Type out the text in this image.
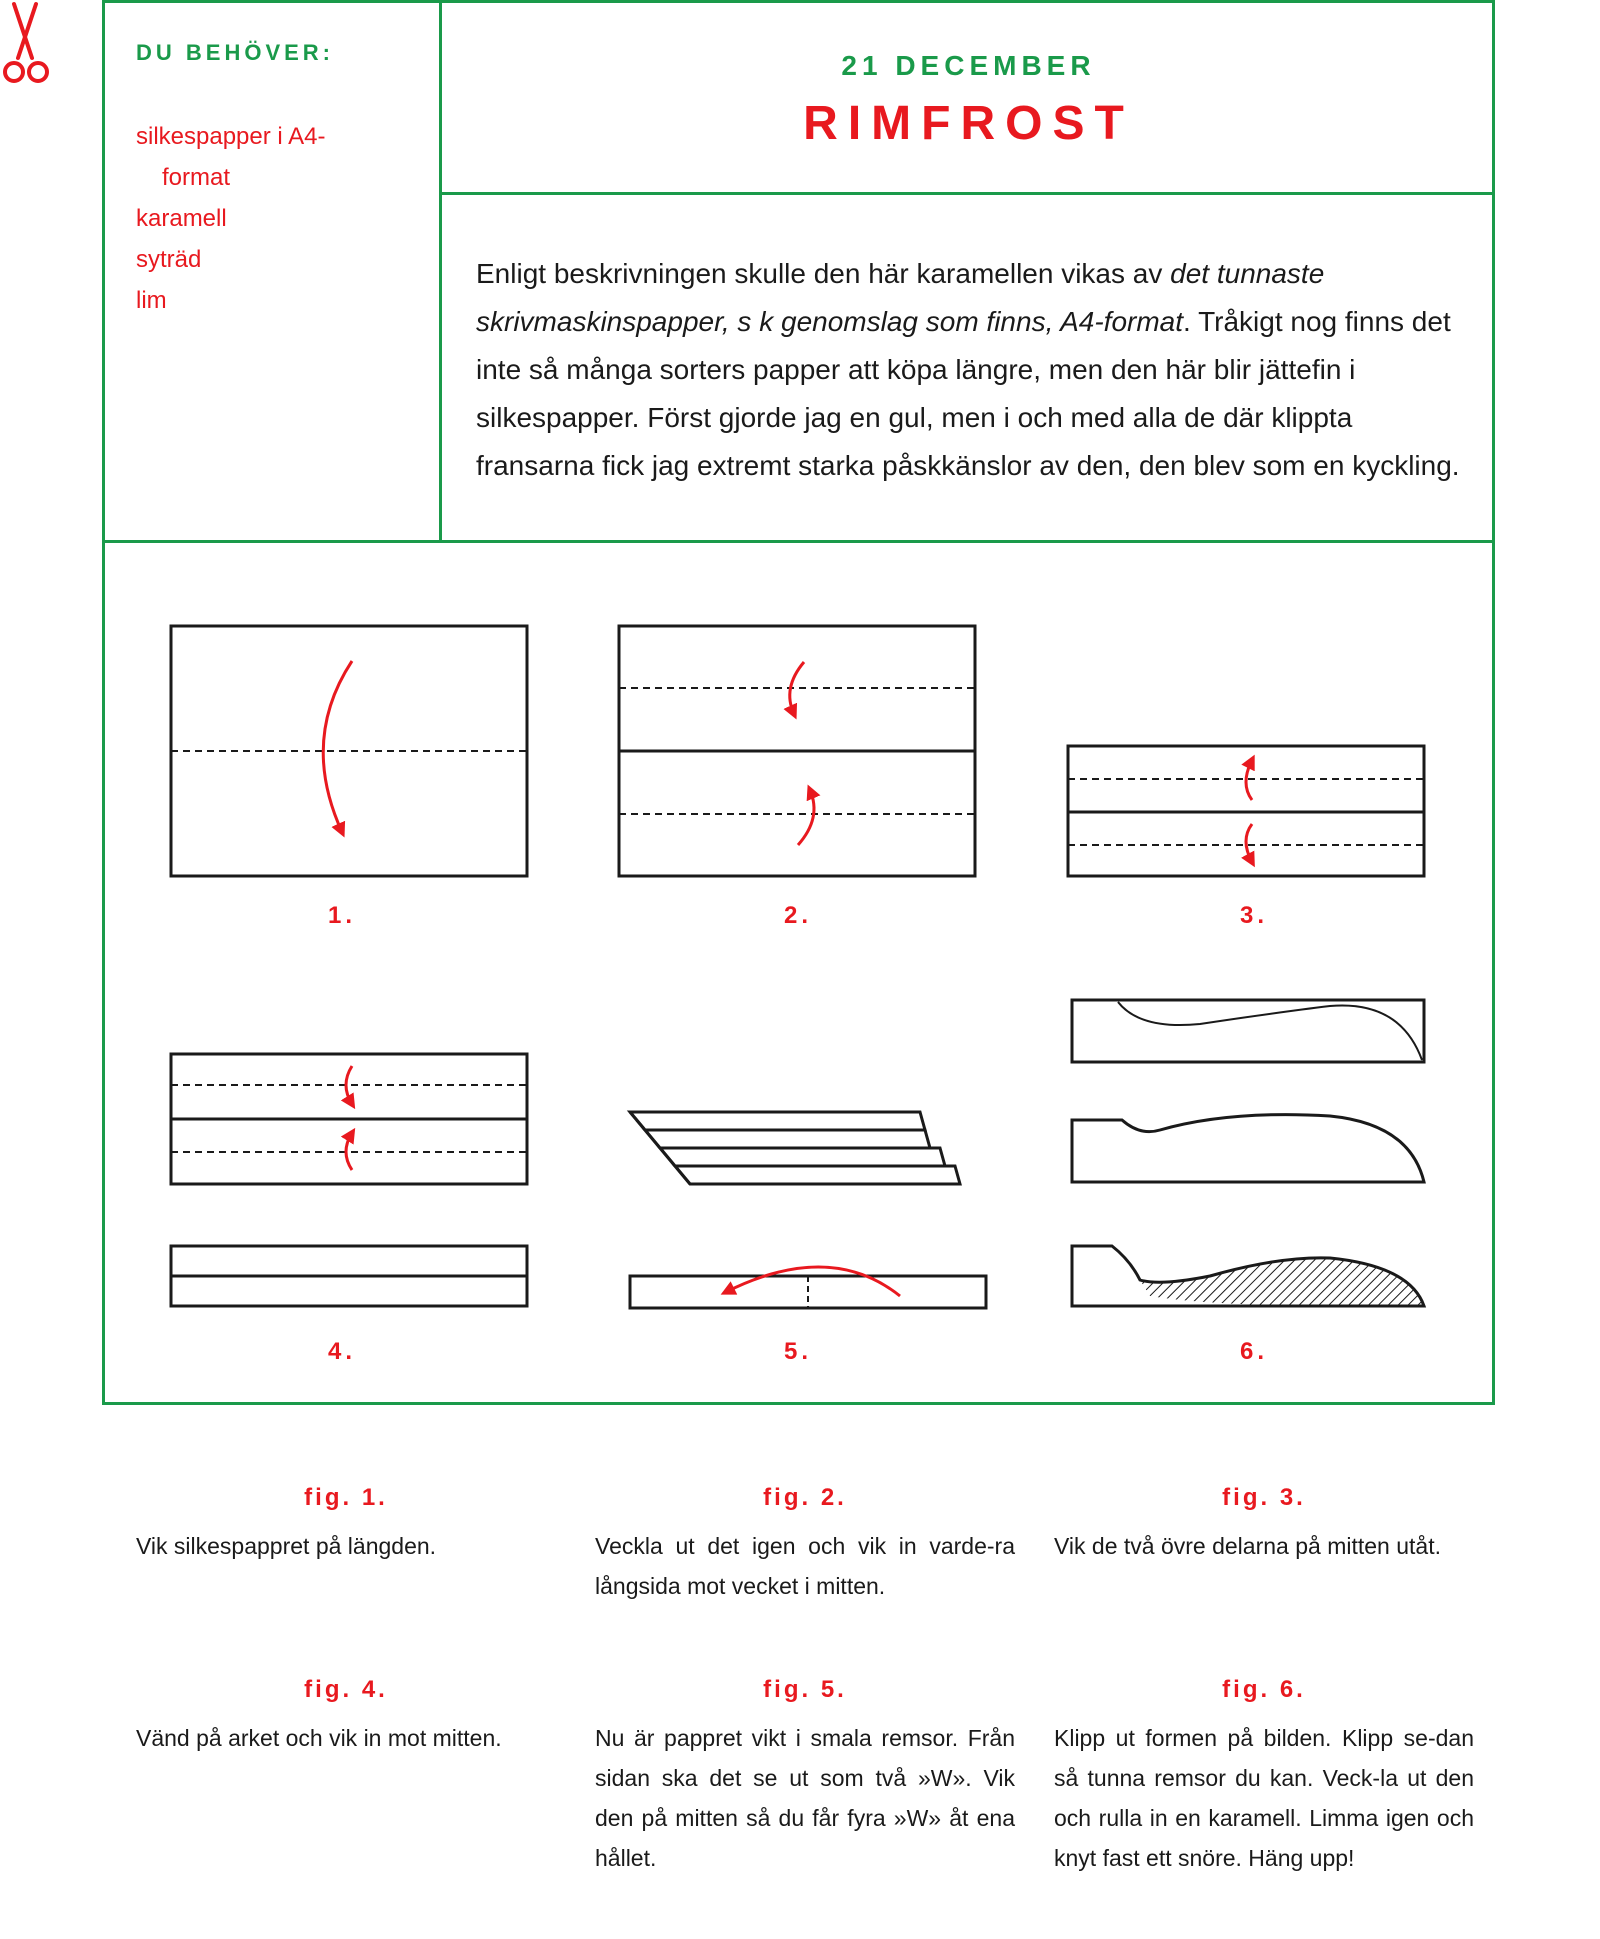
DU BEHÖVER:
silkespapper i A4-
format
karamell
syträd
lim
21 DECEMBER
RIMFROST

Enligt beskrivningen skulle den här karamellen vikas av det tunnaste skrivmaskinspapper, s k genomslag som finns, A4-format. Tråkigt nog finns det inte så många sorters papper att köpa längre, men den här blir jättefin i silkespapper. Först gjorde jag en gul, men i och med alla de där klippta fransarna fick jag extremt starka påskkänslor av den, den blev som en kyckling.

1.	2.	3.
4.	5.	6.

fig. 1.

Vik silkespappret på längden.

fig. 2.

Veckla ut det igen och vik in varde-ra långsida mot vecket i mitten.

fig. 3.

Vik de två övre delarna på mitten utåt.

fig. 4.

Vänd på arket och vik in mot mitten.

fig. 5.

Nu är pappret vikt i smala remsor. Från sidan ska det se ut som två »W». Vik den på mitten så du får fyra »W» åt ena hållet.

fig. 6.

Klipp ut formen på bilden. Klipp se-dan så tunna remsor du kan. Veck-la ut den och rulla in en karamell. Limma igen och knyt fast ett snöre. Häng upp!
